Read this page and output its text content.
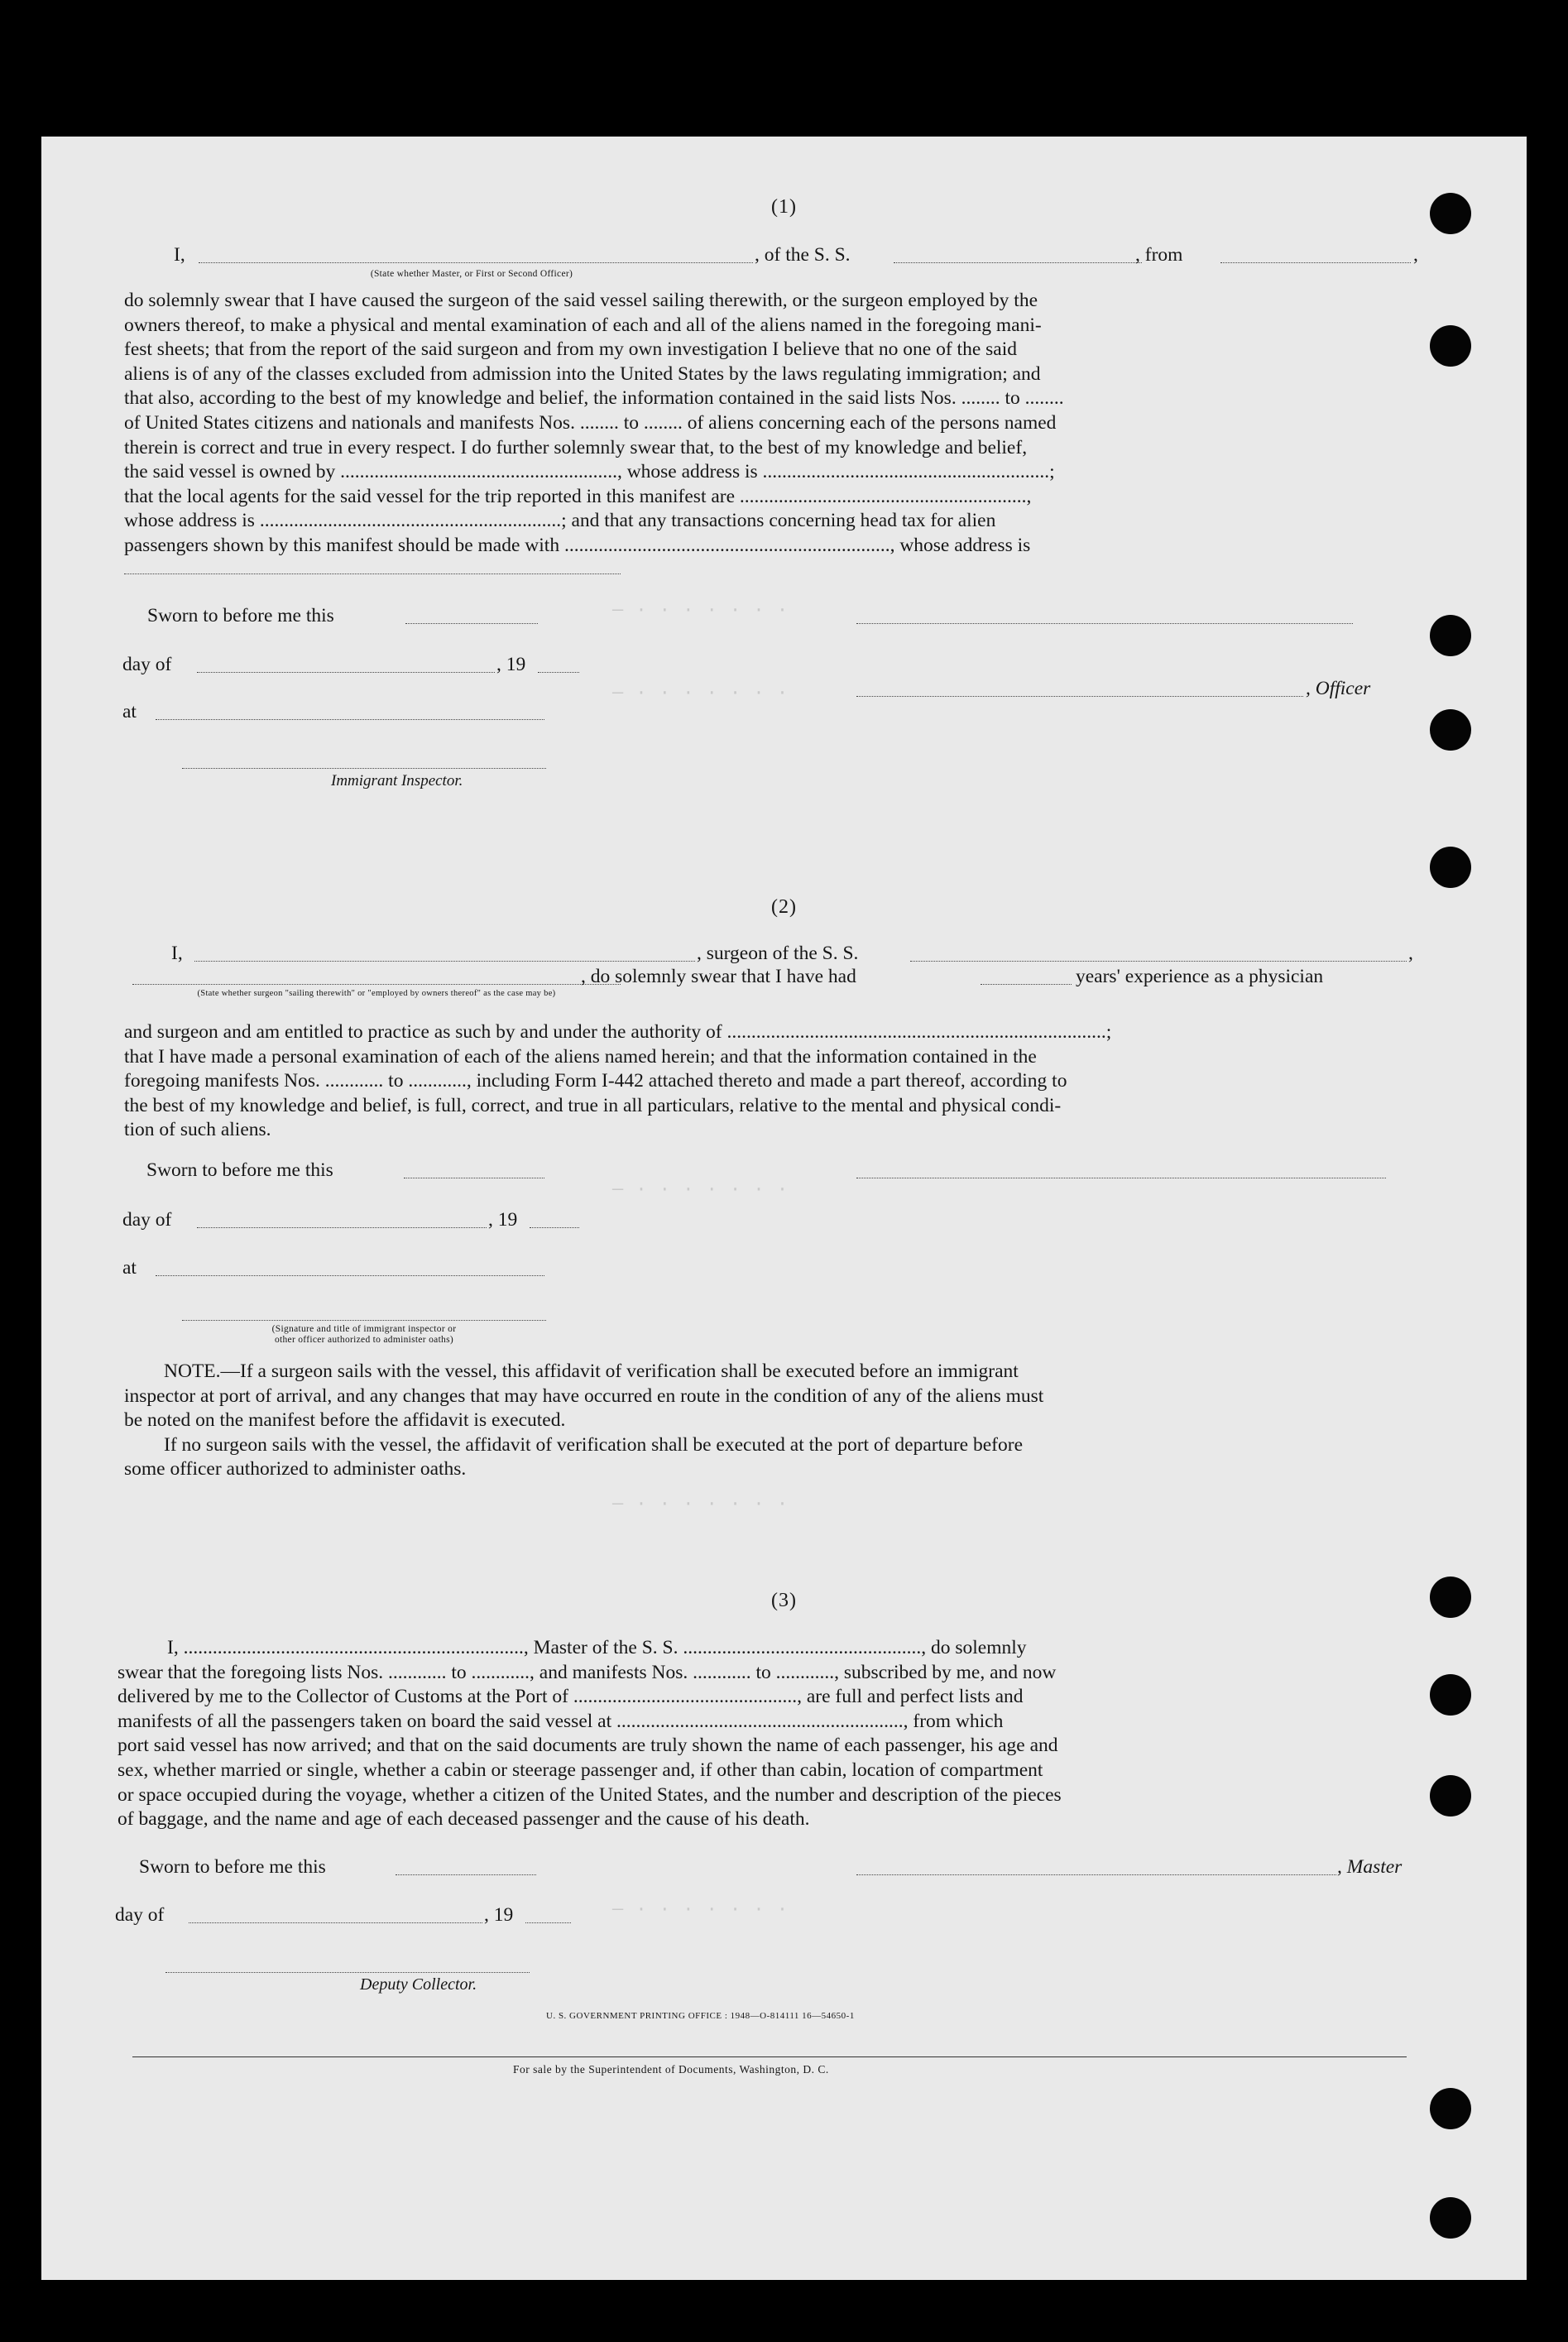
— · · · · · · ·
— · · · · · · ·
— · · · · · · ·
— · · · · · · ·
— · · · · · · ·
(1)
I,	, of the S. S.	, from	,
(State whether Master, or First or Second Officer)
do solemnly swear that I have caused the surgeon of the said vessel sailing therewith, or the surgeon employed by the
owners thereof, to make a physical and mental examination of each and all of the aliens named in the foregoing mani-
fest sheets; that from the report of the said surgeon and from my own investigation I believe that no one of the said
aliens is of any of the classes excluded from admission into the United States by the laws regulating immigration; and
that also, according to the best of my knowledge and belief, the information contained in the said lists Nos. ........ to ........
of United States citizens and nationals and manifests Nos. ........ to ........ of aliens concerning each of the persons named
therein is correct and true in every respect. I do further solemnly swear that, to the best of my knowledge and belief,
the said vessel is owned by ........................................................., whose address is ...........................................................;
that the local agents for the said vessel for the trip reported in this manifest are ...........................................................,
whose address is ..............................................................; and that any transactions concerning head tax for alien
passengers shown by this manifest should be made with ..................................................................., whose address is
Sworn to before me this
day of	, 19
, Officer
at
Immigrant Inspector.
(2)
I,	, surgeon of the S. S.	,
, do solemnly swear that I have had	years' experience as a physician
(State whether surgeon "sailing therewith" or "employed by owners thereof" as the case may be)
and surgeon and am entitled to practice as such by and under the authority of ..............................................................................;
that I have made a personal examination of each of the aliens named herein; and that the information contained in the
foregoing manifests Nos. ............ to ............, including Form I-442 attached thereto and made a part thereof, according to
the best of my knowledge and belief, is full, correct, and true in all particulars, relative to the mental and physical condi-
tion of such aliens.
Sworn to before me this
day of	, 19
at
(Signature and title of immigrant inspector or
other officer authorized to administer oaths)
NOTE.—If a surgeon sails with the vessel, this affidavit of verification shall be executed before an immigrant
inspector at port of arrival, and any changes that may have occurred en route in the condition of any of the aliens must
be noted on the manifest before the affidavit is executed.
If no surgeon sails with the vessel, the affidavit of verification shall be executed at the port of departure before
some officer authorized to administer oaths.
(3)
I, ......................................................................, Master of the S. S. ................................................., do solemnly
swear that the foregoing lists Nos. ............ to ............, and manifests Nos. ............ to ............, subscribed by me, and now
delivered by me to the Collector of Customs at the Port of .............................................., are full and perfect lists and
manifests of all the passengers taken on board the said vessel at ..........................................................., from which
port said vessel has now arrived; and that on the said documents are truly shown the name of each passenger, his age and
sex, whether married or single, whether a cabin or steerage passenger and, if other than cabin, location of compartment
or space occupied during the voyage, whether a citizen of the United States, and the number and description of the pieces
of baggage, and the name and age of each deceased passenger and the cause of his death.
Sworn to before me this	, Master
day of	, 19
Deputy Collector.
U. S. GOVERNMENT PRINTING OFFICE : 1948—O-814111 16—54650-1
For sale by the Superintendent of Documents, Washington, D. C.
